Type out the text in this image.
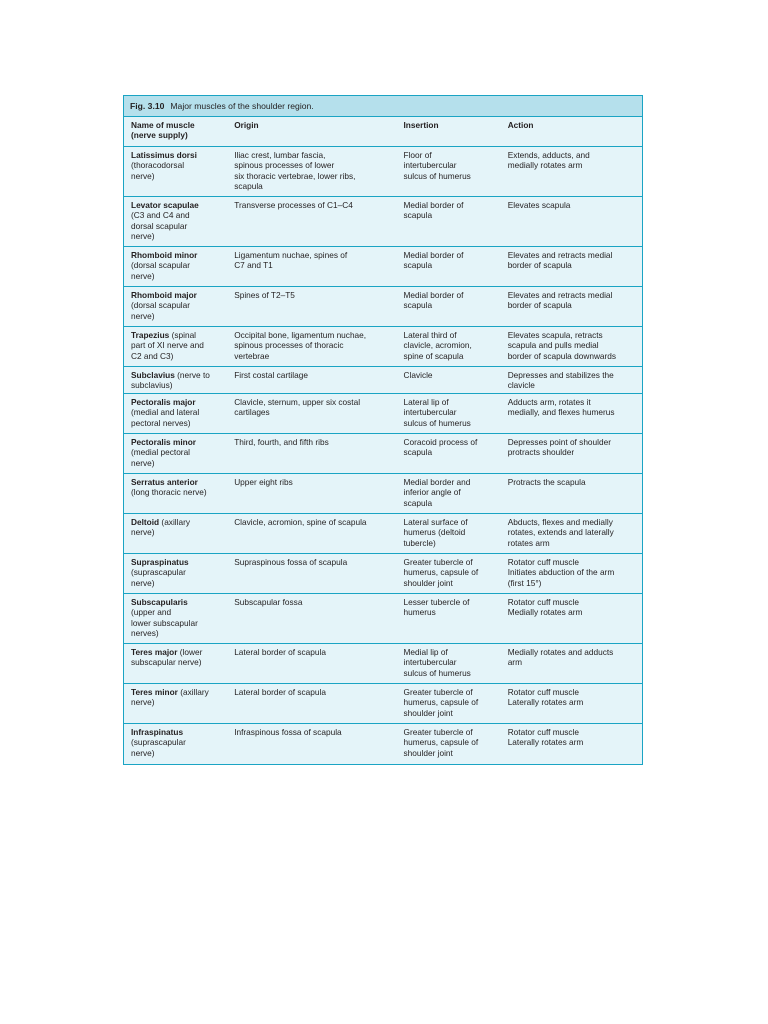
Fig. 3.10 Major muscles of the shoulder region.
Name of muscle
(nerve supply)	Origin	Insertion	Action
Latissimus dorsi
(thoracodorsal
nerve)	Iliac crest, lumbar fascia,
spinous processes of lower
six thoracic vertebrae, lower ribs,
scapula	Floor of
intertubercular
sulcus of humerus	Extends, adducts, and
medially rotates arm
Levator scapulae
(C3 and C4 and
dorsal scapular
nerve)	Transverse processes of C1–C4	Medial border of
scapula	Elevates scapula
Rhomboid minor
(dorsal scapular
nerve)	Ligamentum nuchae, spines of
C7 and T1	Medial border of
scapula	Elevates and retracts medial
border of scapula
Rhomboid major
(dorsal scapular
nerve)	Spines of T2–T5	Medial border of
scapula	Elevates and retracts medial
border of scapula
Trapezius (spinal
part of XI nerve and
C2 and C3)	Occipital bone, ligamentum nuchae,
spinous processes of thoracic
vertebrae	Lateral third of
clavicle, acromion,
spine of scapula	Elevates scapula, retracts
scapula and pulls medial
border of scapula downwards
Subclavius (nerve to
subclavius)	First costal cartilage	Clavicle	Depresses and stabilizes the
clavicle
Pectoralis major
(medial and lateral
pectoral nerves)	Clavicle, sternum, upper six costal
cartilages	Lateral lip of
intertubercular
sulcus of humerus	Adducts arm, rotates it
medially, and flexes humerus
Pectoralis minor
(medial pectoral
nerve)	Third, fourth, and fifth ribs	Coracoid process of
scapula	Depresses point of shoulder
protracts shoulder
Serratus anterior
(long thoracic nerve)	Upper eight ribs	Medial border and
inferior angle of
scapula	Protracts the scapula
Deltoid (axillary
nerve)	Clavicle, acromion, spine of scapula	Lateral surface of
humerus (deltoid
tubercle)	Abducts, flexes and medially
rotates, extends and laterally
rotates arm
Supraspinatus
(suprascapular
nerve)	Supraspinous fossa of scapula	Greater tubercle of
humerus, capsule of
shoulder joint	Rotator cuff muscle
Initiates abduction of the arm
(first 15°)
Subscapularis
(upper and
lower subscapular
nerves)	Subscapular fossa	Lesser tubercle of
humerus	Rotator cuff muscle
Medially rotates arm
Teres major (lower
subscapular nerve)	Lateral border of scapula	Medial lip of
intertubercular
sulcus of humerus	Medially rotates and adducts
arm
Teres minor (axillary
nerve)	Lateral border of scapula	Greater tubercle of
humerus, capsule of
shoulder joint	Rotator cuff muscle
Laterally rotates arm
Infraspinatus
(suprascapular
nerve)	Infraspinous fossa of scapula	Greater tubercle of
humerus, capsule of
shoulder joint	Rotator cuff muscle
Laterally rotates arm
